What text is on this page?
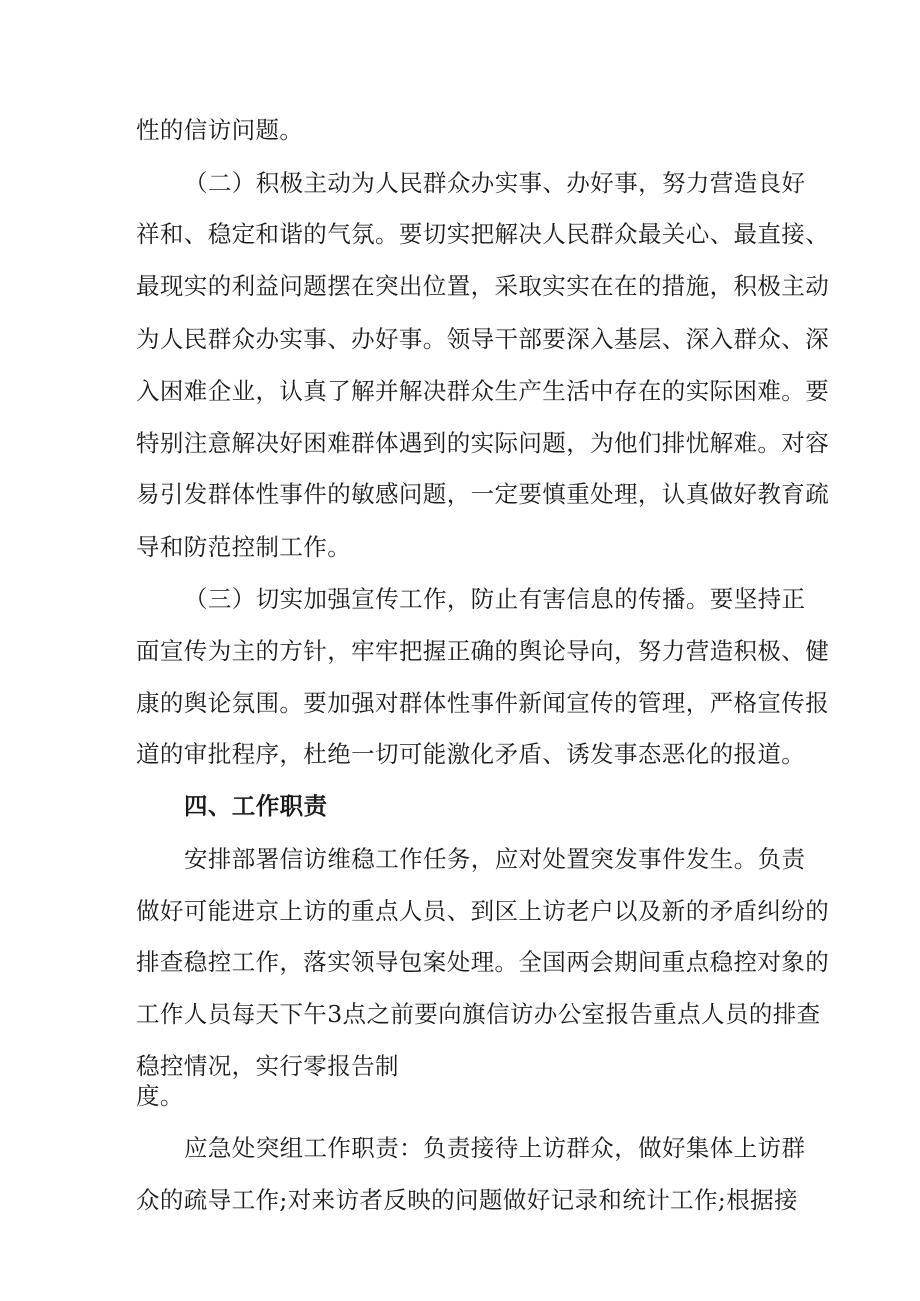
性的信访问题。
（二）积极主动为人民群众办实事、办好事，努力营造良好
祥和、稳定和谐的气氛。要切实把解决人民群众最关心、最直接、
最现实的利益问题摆在突出位置，采取实实在在的措施，积极主动
为人民群众办实事、办好事。领导干部要深入基层、深入群众、深
入困难企业，认真了解并解决群众生产生活中存在的实际困难。要
特别注意解决好困难群体遇到的实际问题，为他们排忧解难。对容
易引发群体性事件的敏感问题，一定要慎重处理，认真做好教育疏
导和防范控制工作。
（三）切实加强宣传工作，防止有害信息的传播。要坚持正
面宣传为主的方针，牢牢把握正确的舆论导向，努力营造积极、健
康的舆论氛围。要加强对群体性事件新闻宣传的管理，严格宣传报
道的审批程序，杜绝一切可能激化矛盾、诱发事态恶化的报道。
四、工作职责
安排部署信访维稳工作任务，应对处置突发事件发生。负责
做好可能进京上访的重点人员、到区上访老户以及新的矛盾纠纷的
排查稳控工作，落实领导包案处理。全国两会期间重点稳控对象的
工作人员每天下午3点之前要向旗信访办公室报告重点人员的排查
稳控情况，实行零报告制
度。
应急处突组工作职责：负责接待上访群众，做好集体上访群
众的疏导工作;对来访者反映的问题做好记录和统计工作;根据接
